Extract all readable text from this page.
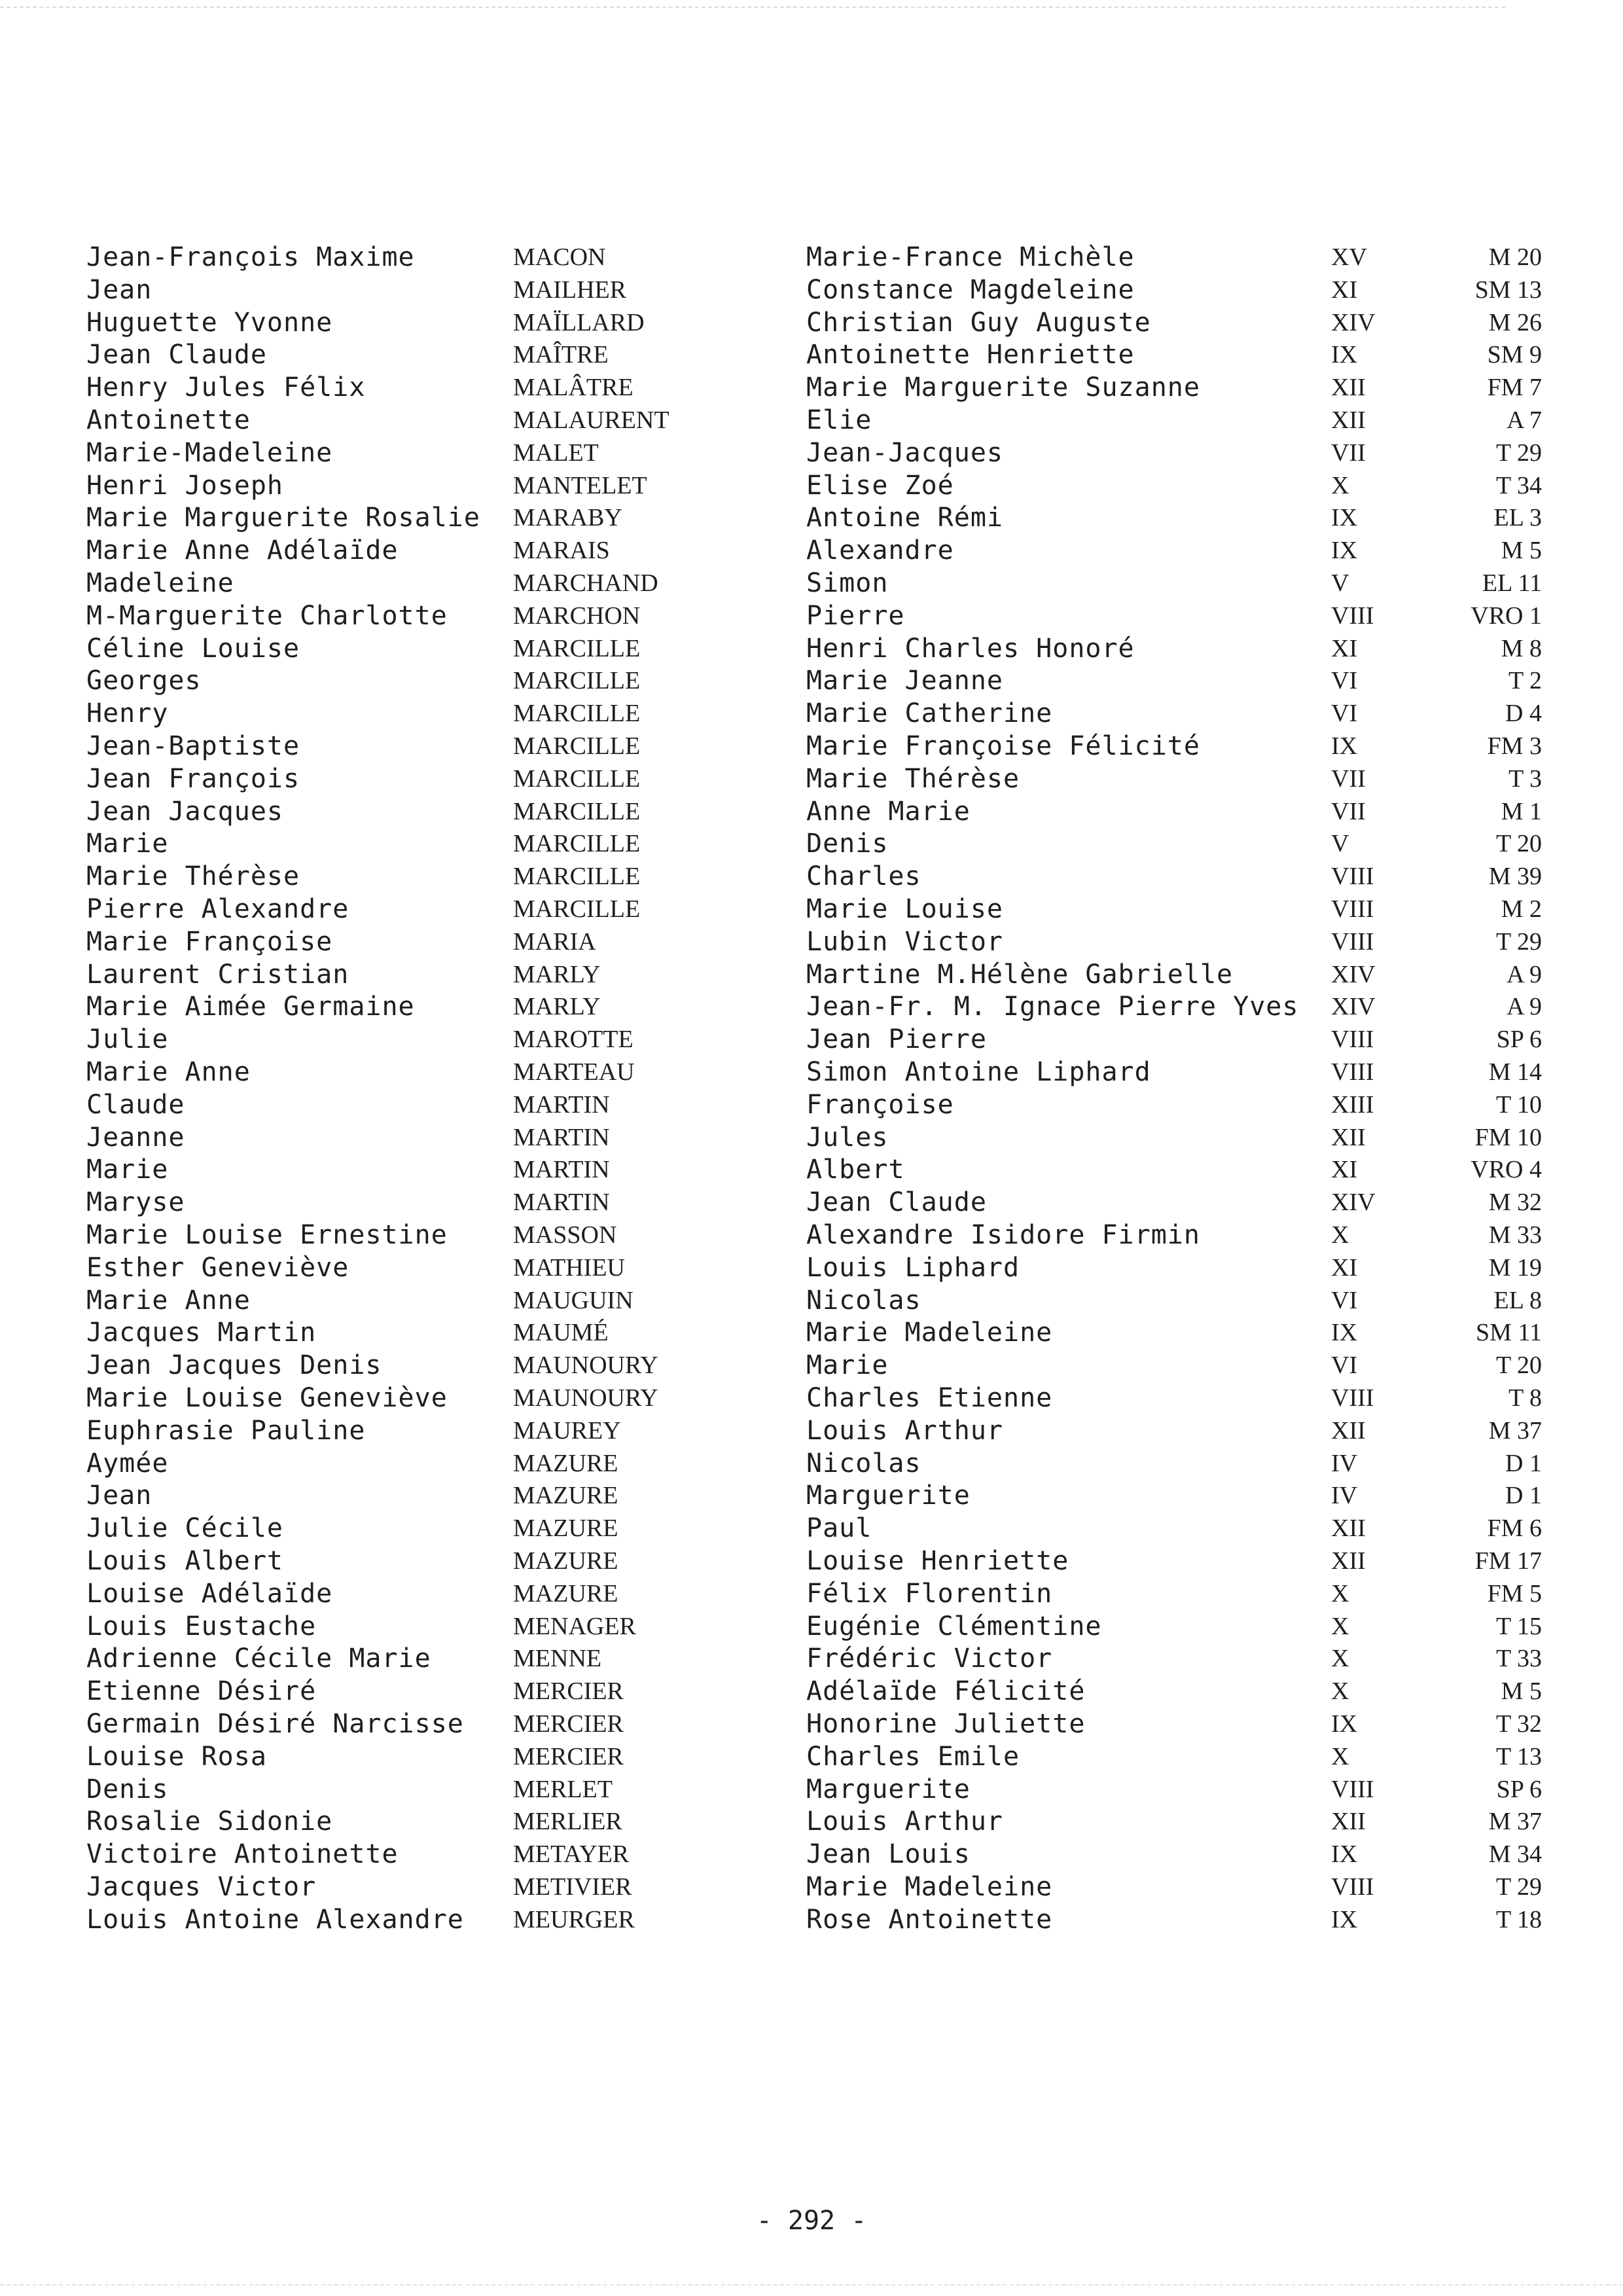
Jean-François Maxime	MACON	Marie-France Michèle	XV	M 20
Jean	MAILHER	Constance Magdeleine	XI	SM 13
Huguette Yvonne	MAÏLLARD	Christian Guy Auguste	XIV	M 26
Jean Claude	MAÎTRE	Antoinette Henriette	IX	SM 9
Henry Jules Félix	MALÂTRE	Marie Marguerite Suzanne	XII	FM 7
Antoinette	MALAURENT	Elie	XII	A 7
Marie-Madeleine	MALET	Jean-Jacques	VII	T 29
Henri Joseph	MANTELET	Elise Zoé	X	T 34
Marie Marguerite Rosalie MARABY	Antoine Rémi	IX	EL 3
Marie Anne Adélaïde	MARAIS	Alexandre	IX	M 5
Madeleine	MARCHAND	Simon	V	EL 11
M-Marguerite Charlotte	MARCHON	Pierre	VIII	VRO 1
Céline Louise	MARCILLE	Henri Charles Honoré	XI	M 8
Georges	MARCILLE	Marie Jeanne	VI	T 2
Henry	MARCILLE	Marie Catherine	VI	D 4
Jean-Baptiste	MARCILLE	Marie Françoise Félicité	IX	FM 3
Jean François	MARCILLE	Marie Thérèse	VII	T 3
Jean Jacques	MARCILLE	Anne Marie	VII	M 1
Marie	MARCILLE	Denis	V	T 20
Marie Thérèse	MARCILLE	Charles	VIII	M 39
Pierre Alexandre	MARCILLE	Marie Louise	VIII	M 2
Marie Françoise	MARIA	Lubin Victor	VIII	T 29
Laurent Cristian	MARLY	Martine M.Hélène Gabrielle	XIV	A 9
Marie Aimée Germaine	MARLY	Jean-Fr. M. Ignace Pierre Yves XIV	A 9
Julie	MAROTTE	Jean Pierre	VIII	SP 6
Marie Anne	MARTEAU	Simon Antoine Liphard	VIII	M 14
Claude	MARTIN	Françoise	XIII	T 10
Jeanne	MARTIN	Jules	XII	FM 10
Marie	MARTIN	Albert	XI	VRO 4
Maryse	MARTIN	Jean Claude	XIV	M 32
Marie Louise Ernestine	MASSON	Alexandre Isidore Firmin	X	M 33
Esther Geneviève	MATHIEU	Louis Liphard	XI	M 19
Marie Anne	MAUGUIN	Nicolas	VI	EL 8
Jacques Martin	MAUMÉ	Marie Madeleine	IX	SM 11
Jean Jacques Denis	MAUNOURY	Marie	VI	T 20
Marie Louise Geneviève	MAUNOURY	Charles Etienne	VIII	T 8
Euphrasie Pauline	MAUREY	Louis Arthur	XII	M 37
Aymée	MAZURE	Nicolas	IV	D 1
Jean	MAZURE	Marguerite	IV	D 1
Julie Cécile	MAZURE	Paul	XII	FM 6
Louis Albert	MAZURE	Louise Henriette	XII	FM 17
Louise Adélaïde	MAZURE	Félix Florentin	X	FM 5
Louis Eustache	MENAGER	Eugénie Clémentine	X	T 15
Adrienne Cécile Marie	MENNE	Frédéric Victor	X	T 33
Etienne Désiré	MERCIER	Adélaïde Félicité	X	M 5
Germain Désiré Narcisse MERCIER	Honorine Juliette	IX	T 32
Louise Rosa	MERCIER	Charles Emile	X	T 13
Denis	MERLET	Marguerite	VIII	SP 6
Rosalie Sidonie	MERLIER	Louis Arthur	XII	M 37
Victoire Antoinette	METAYER	Jean Louis	IX	M 34
Jacques Victor	METIVIER	Marie Madeleine	VIII	T 29
Louis Antoine Alexandre MEURGER	Rose Antoinette	IX	T 18
- 292 -
